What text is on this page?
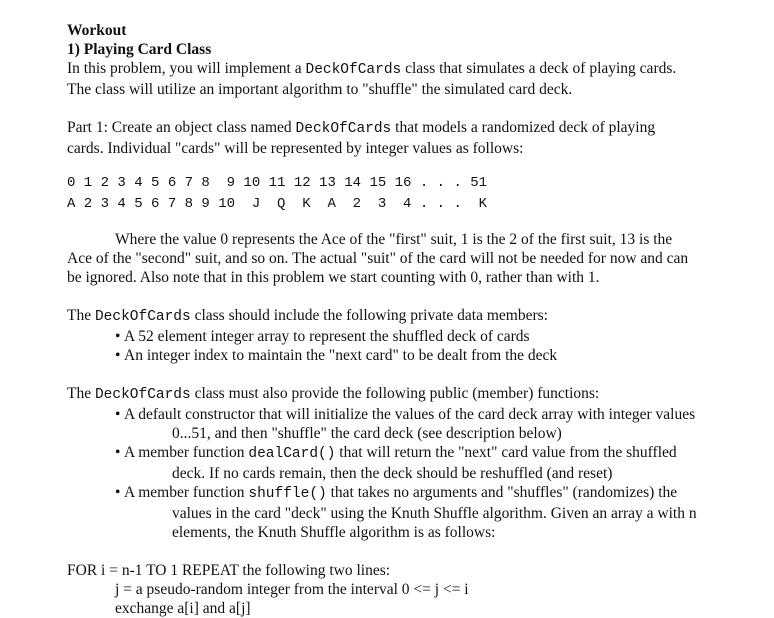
Workout

1) Playing Card Class

In this problem, you will implement a DeckOfCards class that simulates a deck of playing cards.

The class will utilize an important algorithm to "shuffle" the simulated card deck.

Part 1: Create an object class named DeckOfCards that models a randomized deck of playing

cards. Individual "cards" will be represented by integer values as follows:

0 1 2 3 4 5 6 7 8  9 10 11 12 13 14 15 16 . . . 51
A 2 3 4 5 6 7 8 9 10  J  Q  K  A  2  3  4 . . .  K

Where the value 0 represents the Ace of the "first" suit, 1 is the 2 of the first suit, 13 is the

Ace of the "second" suit, and so on. The actual "suit" of the card will not be needed for now and can

be ignored. Also note that in this problem we start counting with 0, rather than with 1.

The DeckOfCards class should include the following private data members:

• A 52 element integer array to represent the shuffled deck of cards
• An integer index to maintain the "next card" to be dealt from the deck

The DeckOfCards class must also provide the following public (member) functions:

• A default constructor that will initialize the values of the card deck array with integer values
0...51, and then "shuffle" the card deck (see description below)
• A member function dealCard() that will return the "next" card value from the shuffled
deck. If no cards remain, then the deck should be reshuffled (and reset)
• A member function shuffle() that takes no arguments and "shuffles" (randomizes) the
values in the card "deck" using the Knuth Shuffle algorithm. Given an array a with n
elements, the Knuth Shuffle algorithm is as follows:

FOR i = n-1 TO 1 REPEAT the following two lines:

j = a pseudo-random integer from the interval 0 <= j <= i

exchange a[i] and a[j]
